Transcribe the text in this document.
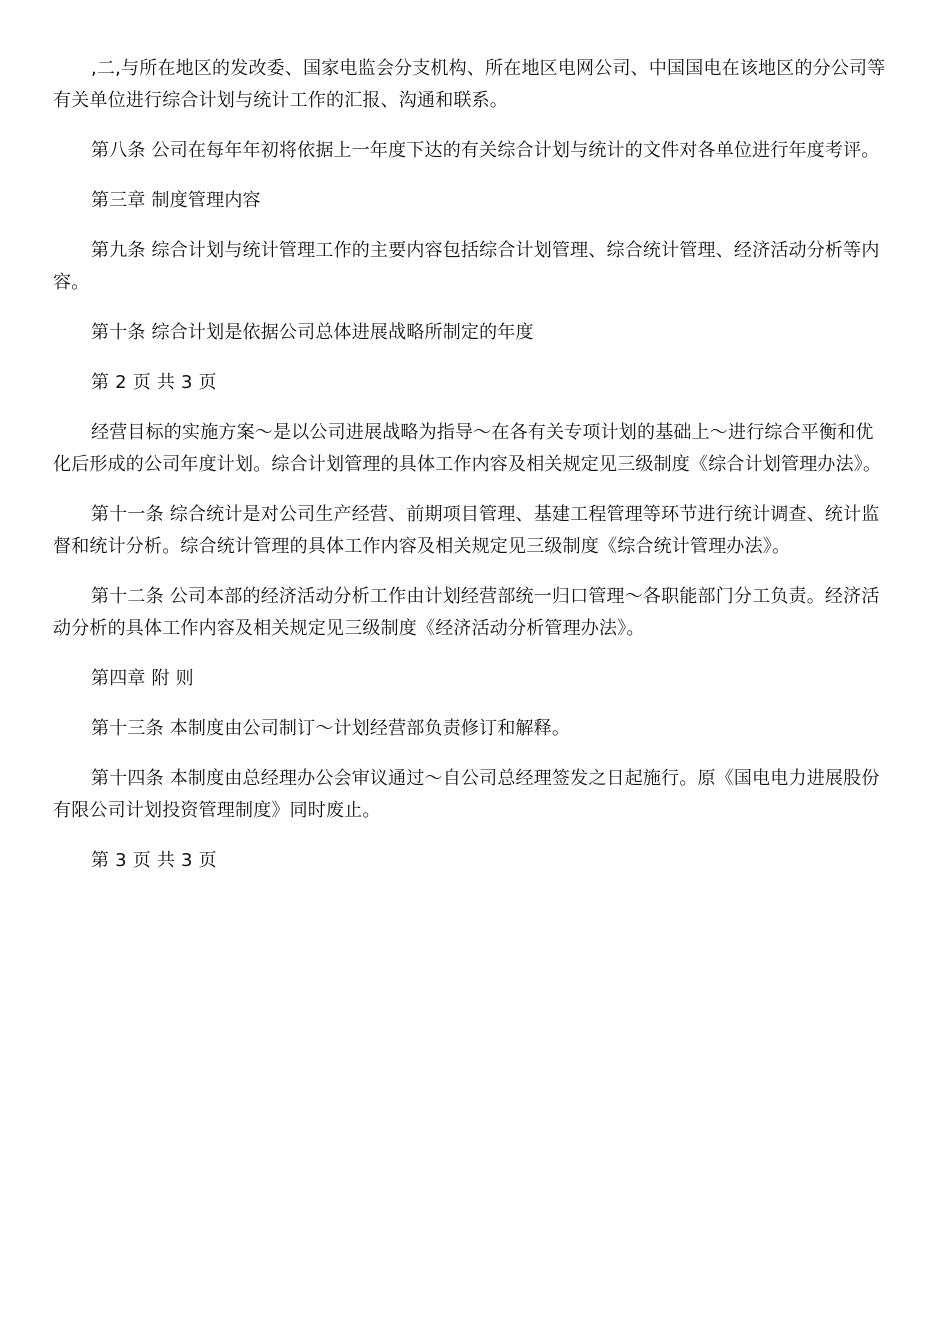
,二,与所在地区的发改委、国家电监会分支机构、所在地区电网公司、中国国电在该地区的分公司等有关单位进行综合计划与统计工作的汇报、沟通和联系。

第八条 公司在每年年初将依据上一年度下达的有关综合计划与统计的文件对各单位进行年度考评。

第三章 制度管理内容

第九条 综合计划与统计管理工作的主要内容包括综合计划管理、综合统计管理、经济活动分析等内容。

第十条 综合计划是依据公司总体进展战略所制定的年度

第 2 页 共 3 页

经营目标的实施方案～是以公司进展战略为指导～在各有关专项计划的基础上～进行综合平衡和优化后形成的公司年度计划。综合计划管理的具体工作内容及相关规定见三级制度《综合计划管理办法》。

第十一条 综合统计是对公司生产经营、前期项目管理、基建工程管理等环节进行统计调查、统计监督和统计分析。综合统计管理的具体工作内容及相关规定见三级制度《综合统计管理办法》。

第十二条 公司本部的经济活动分析工作由计划经营部统一归口管理～各职能部门分工负责。经济活动分析的具体工作内容及相关规定见三级制度《经济活动分析管理办法》。

第四章 附 则

第十三条 本制度由公司制订～计划经营部负责修订和解释。

第十四条 本制度由总经理办公会审议通过～自公司总经理签发之日起施行。原《国电电力进展股份有限公司计划投资管理制度》同时废止。

第 3 页 共 3 页
